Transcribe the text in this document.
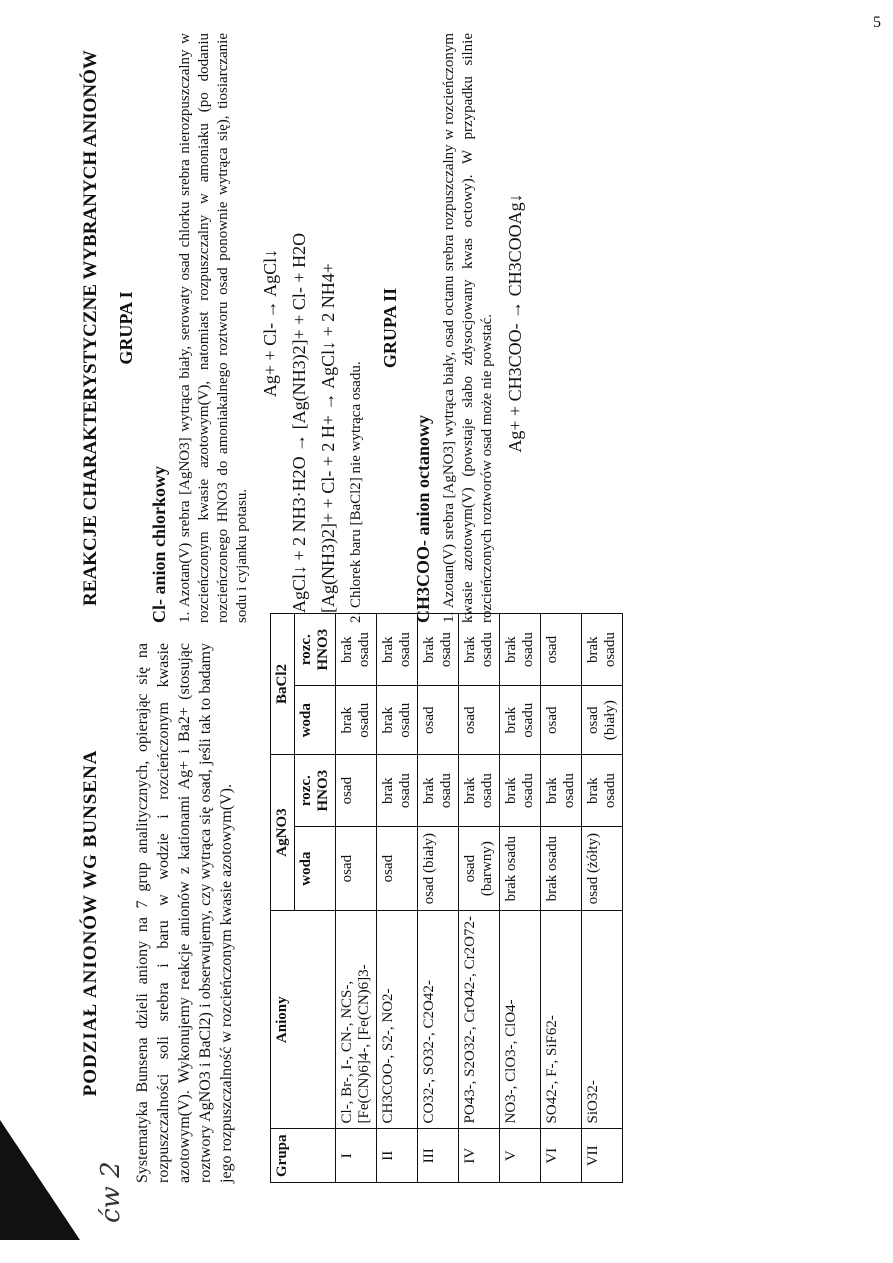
5
ćw 2
PODZIAŁ ANIONÓW WG BUNSENA Systematyka Bunsena dzieli aniony na 7 grup analitycznych, opierając się na rozpuszczalności soli srebra i baru w wodzie i rozcieńczonym kwasie azotowym(V). Wykonujemy reakcje anionów z kationami Ag+ i Ba2+ (stosując roztwory AgNO3 i BaCl2) i obserwujemy, czy wytrąca się osad, jeśli tak to badamy jego rozpuszczalność w rozcieńczonym kwasie azotowym(V).	Grupa	Aniony	AgNO3		BaCl2	
		woda	rozc. HNO3	woda	rozc. HNO3
I	Cl-, Br-, I-, CN-, NCS-, [Fe(CN)6]4-, [Fe(CN)6]3-	osad	osad	brak osadu	brak osadu
II	CH3COO-, S2-, NO2-	osad	brak osadu	brak osadu	brak osadu
III	CO32-, SO32-, C2O42-	osad (biały)	brak osadu	osad	brak osadu
IV	PO43-, S2O32-, CrO42-, Cr2O72-	osad (barwny)	brak osadu	osad	brak osadu
V	NO3-, ClO3-, ClO4-	brak osadu	brak osadu	brak osadu	brak osadu
VI	SO42-, F-, SiF62-	brak osadu	brak osadu	osad	osad
VII	SiO32-	osad (żółty)	brak osadu	osad (biały)	brak osadu
REAKCJE CHARAKTERYSTYCZNE WYBRANYCH ANIONÓW GRUPA I
Cl- anion chlorkowy 1. Azotan(V) srebra [AgNO3] wytrąca biały, serowaty osad chlorku srebra nierozpuszczalny w rozcieńczonym kwasie azotowym(V), natomiast rozpuszczalny w amoniaku (po dodaniu rozcieńczonego HNO3 do amoniakalnego roztworu osad ponownie wytrąca się), tiosiarczanie sodu i cyjanku potasu.

Ag+ + Cl- → AgCl↓ AgCl↓ + 2 NH3·H2O → [Ag(NH3)2]+ + Cl- + H2O [Ag(NH3)2]+ + Cl- + 2 H+ → AgCl↓ + 2 NH4+ 2. Chlorek baru [BaCl2] nie wytrąca osadu.

GRUPA II
CH3COO- anion octanowy 1. Azotan(V) srebra [AgNO3] wytrąca biały, osad octanu srebra rozpuszczalny w rozcieńczonym kwasie azotowym(V) (powstaje słabo zdysocjowany kwas octowy). W przypadku silnie rozcieńczonych roztworów osad może nie powstać. Ag+ + CH3COO- → CH3COOAg↓
